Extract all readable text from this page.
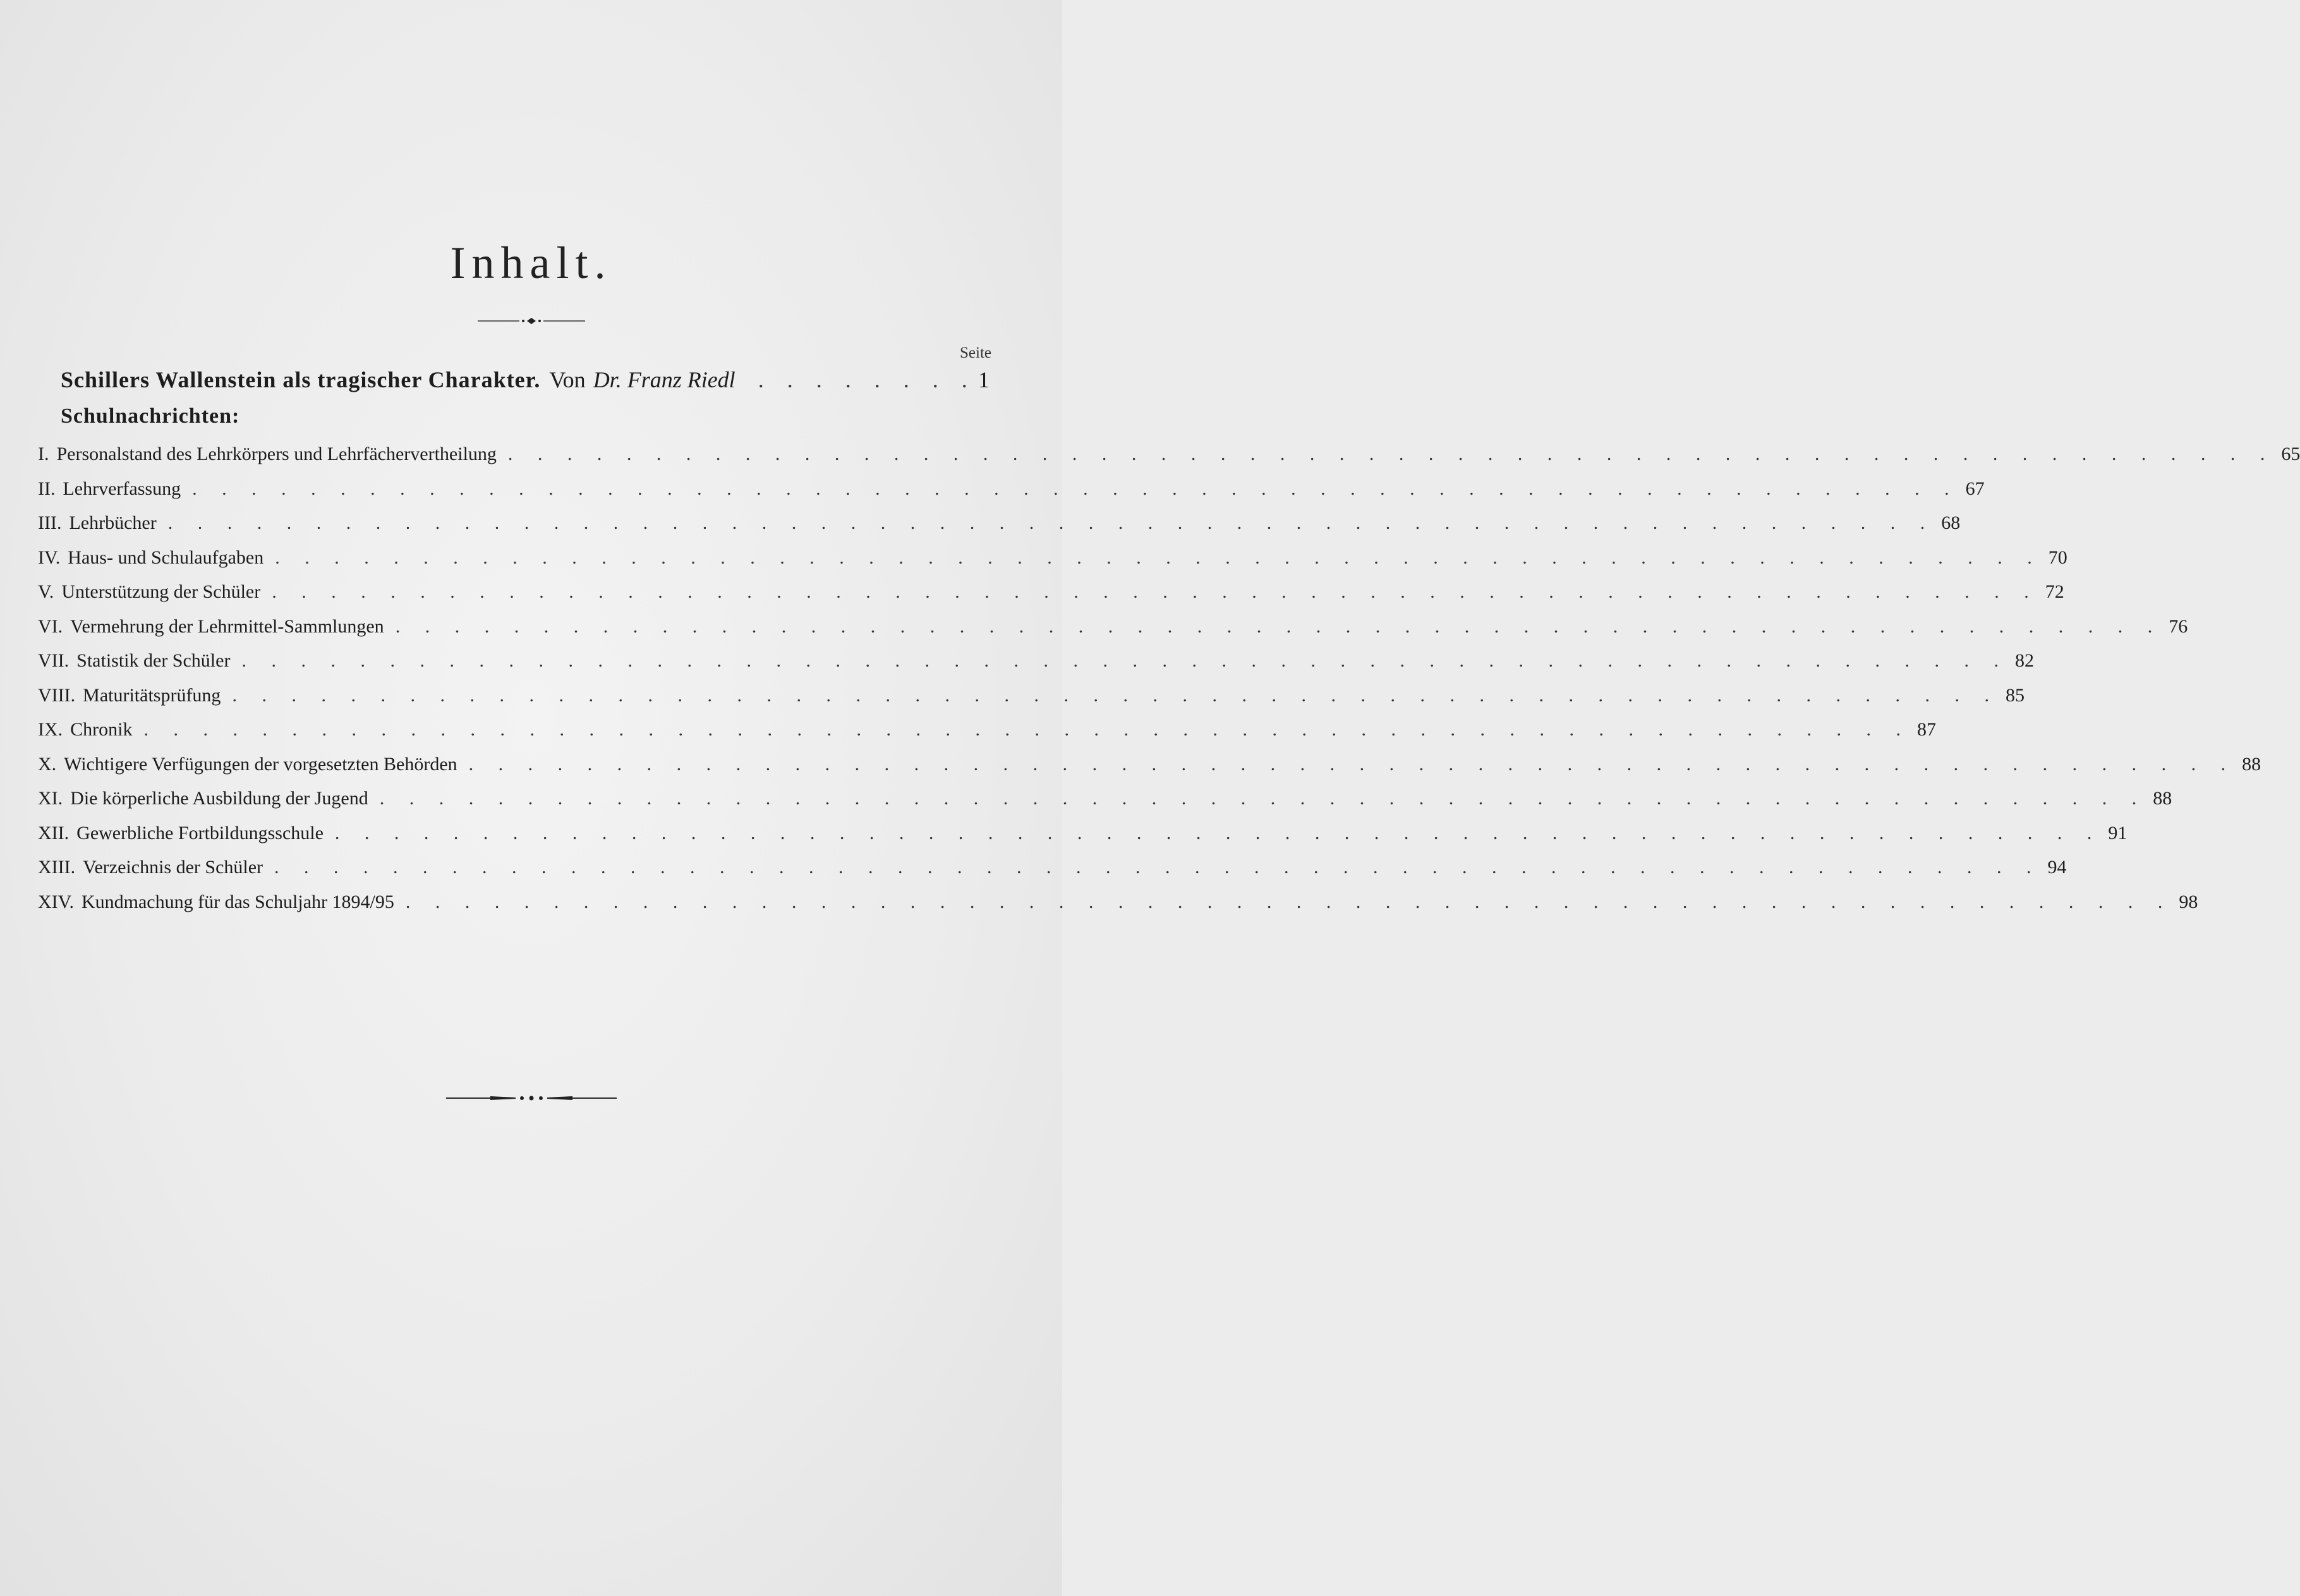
Inhalt.
Seite
Schillers Wallenstein als tragischer Charakter. Von Dr. Franz Riedl	. . . . . . . . 1
Schulnachrichten:
I. Personalstand des Lehrkörpers und Lehrfächervertheilung . . . . . . . . . . . . . . . . . . . . . . . . . . . . . . . . . . . . . . . . . . . . . . . . . . . . . . . . . . . . 65
II. Lehrverfassung . . . . . . . . . . . . . . . . . . . . . . . . . . . . . . . . . . . . . . . . . . . . . . . . . . . . . . . . . . . . 67
III. Lehrbücher . . . . . . . . . . . . . . . . . . . . . . . . . . . . . . . . . . . . . . . . . . . . . . . . . . . . . . . . . . . . 68
IV. Haus- und Schulaufgaben . . . . . . . . . . . . . . . . . . . . . . . . . . . . . . . . . . . . . . . . . . . . . . . . . . . . . . . . . . . . 70
V. Unterstützung der Schüler . . . . . . . . . . . . . . . . . . . . . . . . . . . . . . . . . . . . . . . . . . . . . . . . . . . . . . . . . . . . 72
VI. Vermehrung der Lehrmittel-Sammlungen . . . . . . . . . . . . . . . . . . . . . . . . . . . . . . . . . . . . . . . . . . . . . . . . . . . . . . . . . . . . 76
VII. Statistik der Schüler . . . . . . . . . . . . . . . . . . . . . . . . . . . . . . . . . . . . . . . . . . . . . . . . . . . . . . . . . . . . 82
VIII. Maturitätsprüfung . . . . . . . . . . . . . . . . . . . . . . . . . . . . . . . . . . . . . . . . . . . . . . . . . . . . . . . . . . . . 85
IX. Chronik . . . . . . . . . . . . . . . . . . . . . . . . . . . . . . . . . . . . . . . . . . . . . . . . . . . . . . . . . . . . 87
X. Wichtigere Verfügungen der vorgesetzten Behörden . . . . . . . . . . . . . . . . . . . . . . . . . . . . . . . . . . . . . . . . . . . . . . . . . . . . . . . . . . . . 88
XI. Die körperliche Ausbildung der Jugend . . . . . . . . . . . . . . . . . . . . . . . . . . . . . . . . . . . . . . . . . . . . . . . . . . . . . . . . . . . . 88
XII. Gewerbliche Fortbildungsschule . . . . . . . . . . . . . . . . . . . . . . . . . . . . . . . . . . . . . . . . . . . . . . . . . . . . . . . . . . . . 91
XIII. Verzeichnis der Schüler . . . . . . . . . . . . . . . . . . . . . . . . . . . . . . . . . . . . . . . . . . . . . . . . . . . . . . . . . . . . 94
XIV. Kundmachung für das Schuljahr 1894/95 . . . . . . . . . . . . . . . . . . . . . . . . . . . . . . . . . . . . . . . . . . . . . . . . . . . . . . . . . . . . 98
